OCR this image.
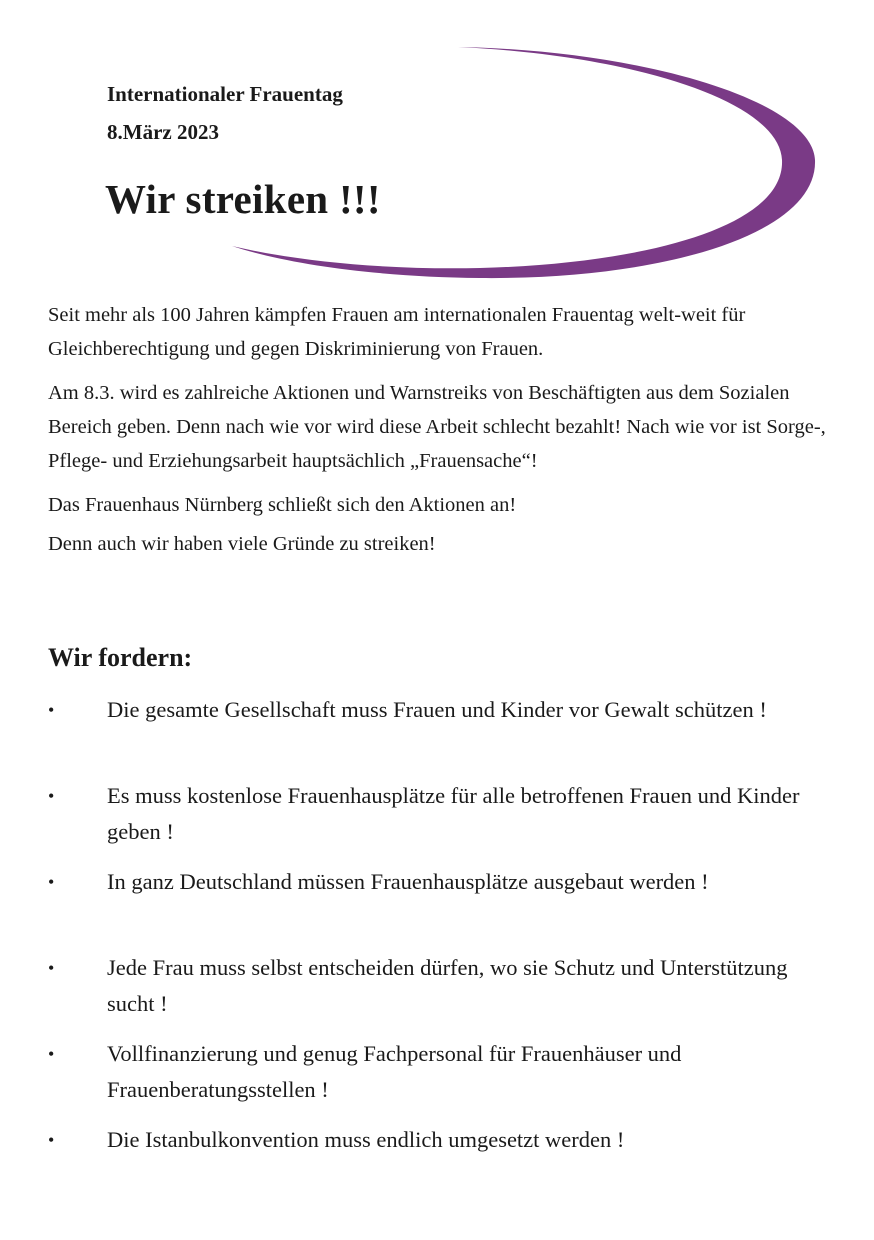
Internationaler Frauentag
8.März 2023
Wir streiken !!!

Seit mehr als 100 Jahren kämpfen Frauen am internationalen Frauentag welt-weit für Gleichberechtigung und gegen Diskriminierung von Frauen.

Am 8.3. wird es zahlreiche Aktionen und Warnstreiks von Beschäftigten aus dem Sozialen Bereich geben. Denn nach wie vor wird diese Arbeit schlecht bezahlt! Nach wie vor ist Sorge-, Pflege- und Erziehungsarbeit hauptsächlich „Frauensache“!

Das Frauenhaus Nürnberg schließt sich den Aktionen an!

Denn auch wir haben viele Gründe zu streiken!

Wir fordern:
• Die gesamte Gesellschaft muss Frauen und Kinder vor Gewalt schützen !
• Es muss kostenlose Frauenhausplätze für alle betroffenen Frauen und Kinder geben !
• In ganz Deutschland müssen Frauenhausplätze ausgebaut werden !
• Jede Frau muss selbst entscheiden dürfen, wo sie Schutz und Unterstützung sucht !
• Vollfinanzierung und genug Fachpersonal für Frauenhäuser und Frauenberatungsstellen !
• Die Istanbulkonvention muss endlich umgesetzt werden !
